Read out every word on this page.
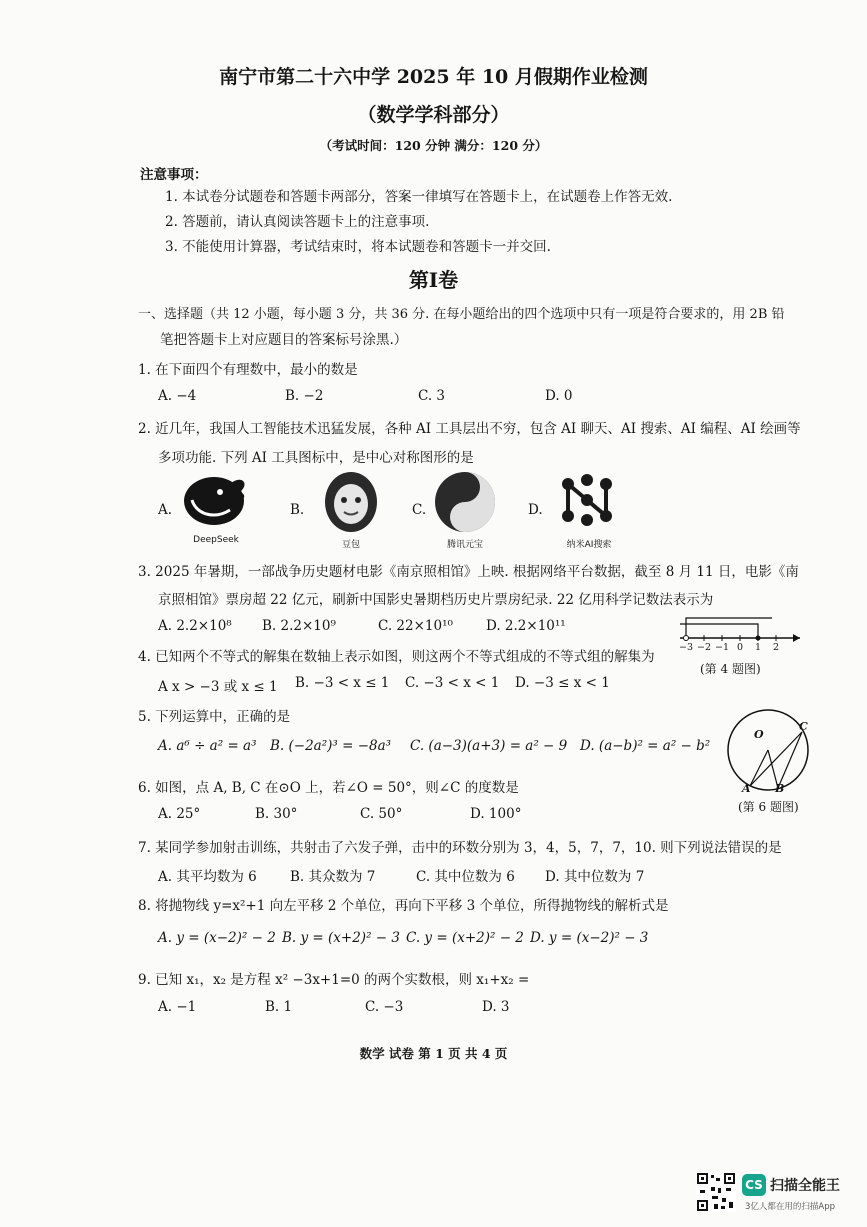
南宁市第二十六中学 2025 年 10 月假期作业检测
（数学学科部分）
（考试时间：120 分钟 满分：120 分）
注意事项：
1. 本试卷分试题卷和答题卡两部分，答案一律填写在答题卡上，在试题卷上作答无效.
2. 答题前，请认真阅读答题卡上的注意事项.
3. 不能使用计算器，考试结束时，将本试题卷和答题卡一并交回.
第Ⅰ卷
一、选择题（共 12 小题，每小题 3 分，共 36 分. 在每小题给出的四个选项中只有一项是符合要求的，用 2B 铅
笔把答题卡上对应题目的答案标号涂黑.）
1. 在下面四个有理数中，最小的数是
A. −4	B. −2	C. 3	D. 0
2. 近几年，我国人工智能技术迅猛发展，各种 AI 工具层出不穷，包含 AI 聊天、AI 搜索、AI 编程、AI 绘画等
多项功能. 下列 AI 工具图标中，是中心对称图形的是
A.
DeepSeek
B.
豆包
C.
腾讯元宝
D.
纳米AI搜索
3. 2025 年暑期，一部战争历史题材电影《南京照相馆》上映. 根据网络平台数据，截至 8 月 11 日，电影《南
京照相馆》票房超 22 亿元，刷新中国影史暑期档历史片票房纪录. 22 亿用科学记数法表示为
A. 2.2×10⁸ B. 2.2×10⁹	C. 22×10¹⁰ D. 2.2×10¹¹
−3 −2 −1 0 1 2
(第 4 题图)
4. 已知两个不等式的解集在数轴上表示如图，则这两个不等式组成的不等式组的解集为
A x > −3 或 x ≤ 1 B. −3 < x ≤ 1 C. −3 < x < 1 D. −3 ≤ x < 1
5. 下列运算中，正确的是
A. a⁶ ÷ a² = a³ B. (−2a²)³ = −8a³ C. (a−3)(a+3) = a² − 9 D. (a−b)² = a² − b²
O
C
A B
(第 6 题图)
6. 如图，点 A, B, C 在⊙O 上，若∠O = 50°，则∠C 的度数是
A. 25°	B. 30°	C. 50°	D. 100°
7. 某同学参加射击训练，共射击了六发子弹，击中的环数分别为 3，4，5，7，7，10. 则下列说法错误的是
A. 其平均数为 6 B. 其众数为 7	C. 其中位数为 6 D. 其中位数为 7
8. 将抛物线 y=x²+1 向左平移 2 个单位，再向下平移 3 个单位，所得抛物线的解析式是
A. y = (x−2)² − 2 B. y = (x+2)² − 3 C. y = (x+2)² − 2 D. y = (x−2)² − 3
9. 已知 x₁，x₂ 是方程 x² −3x+1=0 的两个实数根，则 x₁+x₂ =
A. −1	B. 1	C. −3	D. 3
数学 试卷 第 1 页 共 4 页
CS 扫描全能王
3亿人都在用的扫描App
